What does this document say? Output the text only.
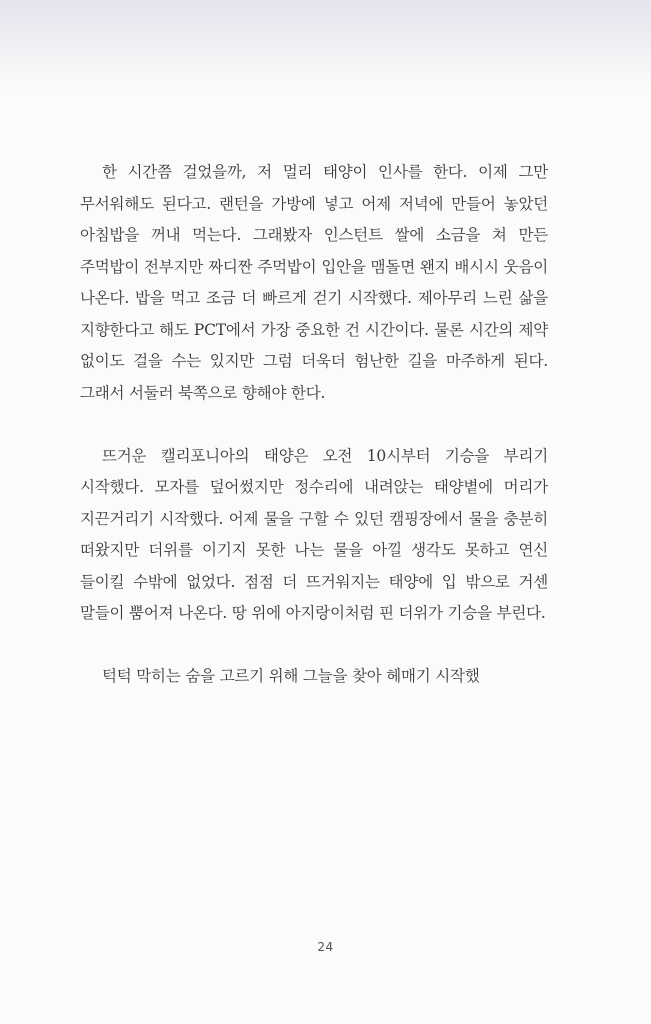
한 시간쯤 걸었을까, 저 멀리 태양이 인사를 한다. 이제 그만 무서워해도 된다고. 랜턴을 가방에 넣고 어제 저녁에 만들어 놓았던 아침밥을 꺼내 먹는다. 그래봤자 인스턴트 쌀에 소금을 쳐 만든 주먹밥이 전부지만 짜디짠 주먹밥이 입안을 맴돌면 왠지 배시시 웃음이 나온다. 밥을 먹고 조금 더 빠르게 걷기 시작했다. 제아무리 느린 삶을 지향한다고 해도 PCT에서 가장 중요한 건 시간이다. 물론 시간의 제약 없이도 걸을 수는 있지만 그럼 더욱더 험난한 길을 마주하게 된다. 그래서 서둘러 북쪽으로 향해야 한다.

뜨거운 캘리포니아의 태양은 오전 10시부터 기승을 부리기 시작했다. 모자를 덮어썼지만 정수리에 내려앉는 태양볕에 머리가 지끈거리기 시작했다. 어제 물을 구할 수 있던 캠핑장에서 물을 충분히 떠왔지만 더위를 이기지 못한 나는 물을 아낄 생각도 못하고 연신 들이킬 수밖에 없었다. 점점 더 뜨거워지는 태양에 입 밖으로 거센 말들이 뿜어져 나온다. 땅 위에 아지랑이처럼 핀 더위가 기승을 부린다.

턱턱 막히는 숨을 고르기 위해 그늘을 찾아 헤매기 시작했

24
